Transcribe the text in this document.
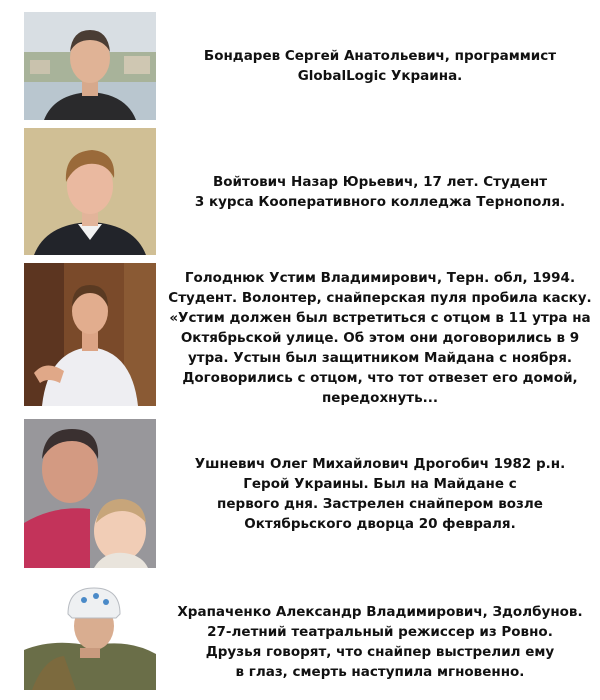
Бондарев Сергей Анатольевич, программист
GlobalLogic Украина.
Войтович Назар Юрьевич, 17 лет. Студент
3 курса Кооперативного колледжа Тернополя.
Голоднюк Устим Владимирович, Терн. обл, 1994.
Студент. Волонтер, снайперская пуля пробила каску.
«Устим должен был встретиться с отцом в 11 утра на
Октябрьской улице. Об этом они договорились в 9
утра. Устын был защитником Майдана с ноября.
Договорились с отцом, что тот отвезет его домой,
передохнуть...
Ушневич Олег Михайлович Дрогобич 1982 р.н.
Герой Украины. Был на Майдане с
первого дня. Застрелен снайпером возле
Октябрьского дворца 20 февраля.
Храпаченко Александр Владимирович, Здолбунов.
27-летний театральный режиссер из Ровно.
Друзья говорят, что снайпер выстрелил ему
в глаз, смерть наступила мгновенно.
